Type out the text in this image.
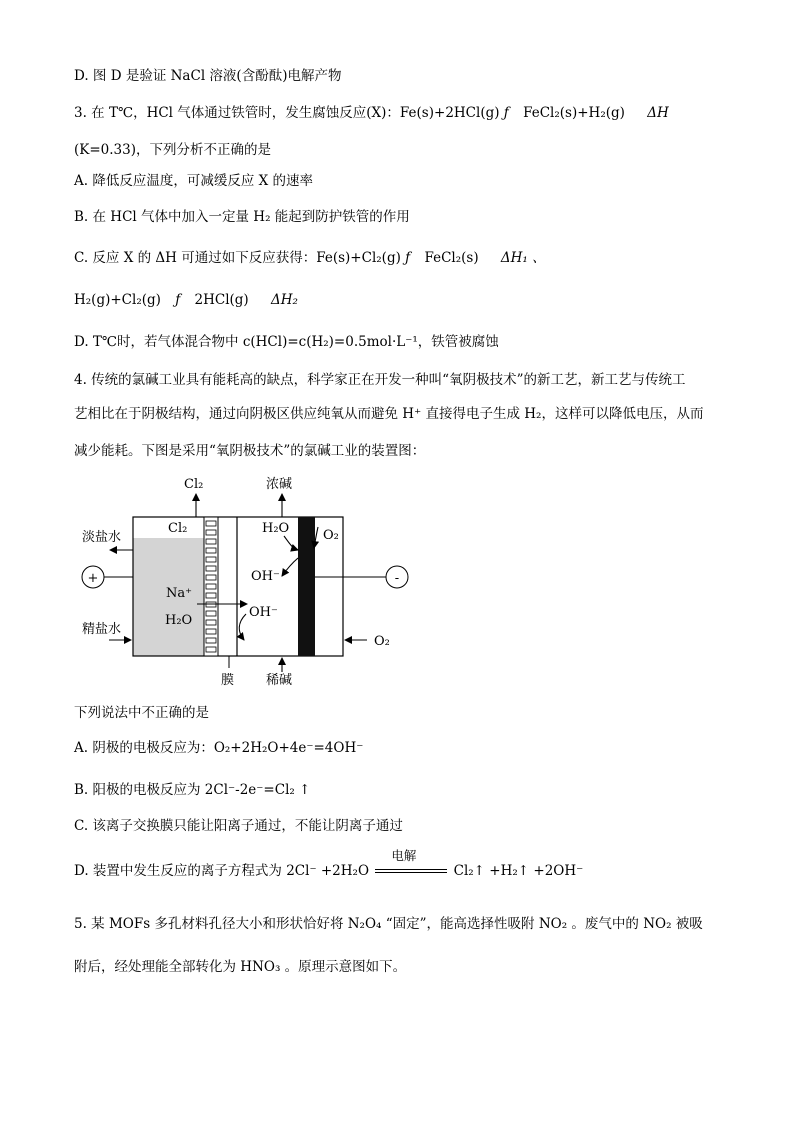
D. 图 D 是验证 NaCl 溶液(含酚酞)电解产物
3. 在 T℃，HCl 气体通过铁管时，发生腐蚀反应(X)：Fe(s)+2HCl(g) ƒ FeCl₂(s)+H₂(g) ΔH
(K=0.33)，下列分析不正确的是
A. 降低反应温度，可减缓反应 X 的速率
B. 在 HCl 气体中加入一定量 H₂ 能起到防护铁管的作用
C. 反应 X 的 ΔH 可通过如下反应获得：Fe(s)+Cl₂(g) ƒ FeCl₂(s) ΔH₁ 、
H₂(g)+Cl₂(g) ƒ 2HCl(g) ΔH₂
D. T℃时，若气体混合物中 c(HCl)=c(H₂)=0.5mol·L⁻¹，铁管被腐蚀
4. 传统的氯碱工业具有能耗高的缺点，科学家正在开发一种叫“氧阴极技术”的新工艺，新工艺与传统工
艺相比在于阴极结构，通过向阴极区供应纯氧从而避免 H⁺ 直接得电子生成 H₂，这样可以降低电压，从而
减少能耗。下图是采用“氧阴极技术”的氯碱工业的装置图：
Cl₂	浓碱
淡盐水
Cl₂	H₂O	O₂
+	-
OH⁻
Na⁺
OH⁻
H₂O
精盐水
O₂
膜 稀碱
下列说法中不正确的是
A. 阴极的电极反应为：O₂+2H₂O+4e⁻=4OH⁻
B. 阳极的电极反应为 2Cl⁻-2e⁻=Cl₂ ↑
C. 该离子交换膜只能让阳离子通过，不能让阴离子通过
D. 装置中发生反应的离子方程式为 2Cl⁻ +2H₂O
电解
Cl₂↑ +H₂↑ +2OH⁻
5. 某 MOFs 多孔材料孔径大小和形状恰好将 N₂O₄ “固定”，能高选择性吸附 NO₂ 。废气中的 NO₂ 被吸
附后，经处理能全部转化为 HNO₃ 。原理示意图如下。
